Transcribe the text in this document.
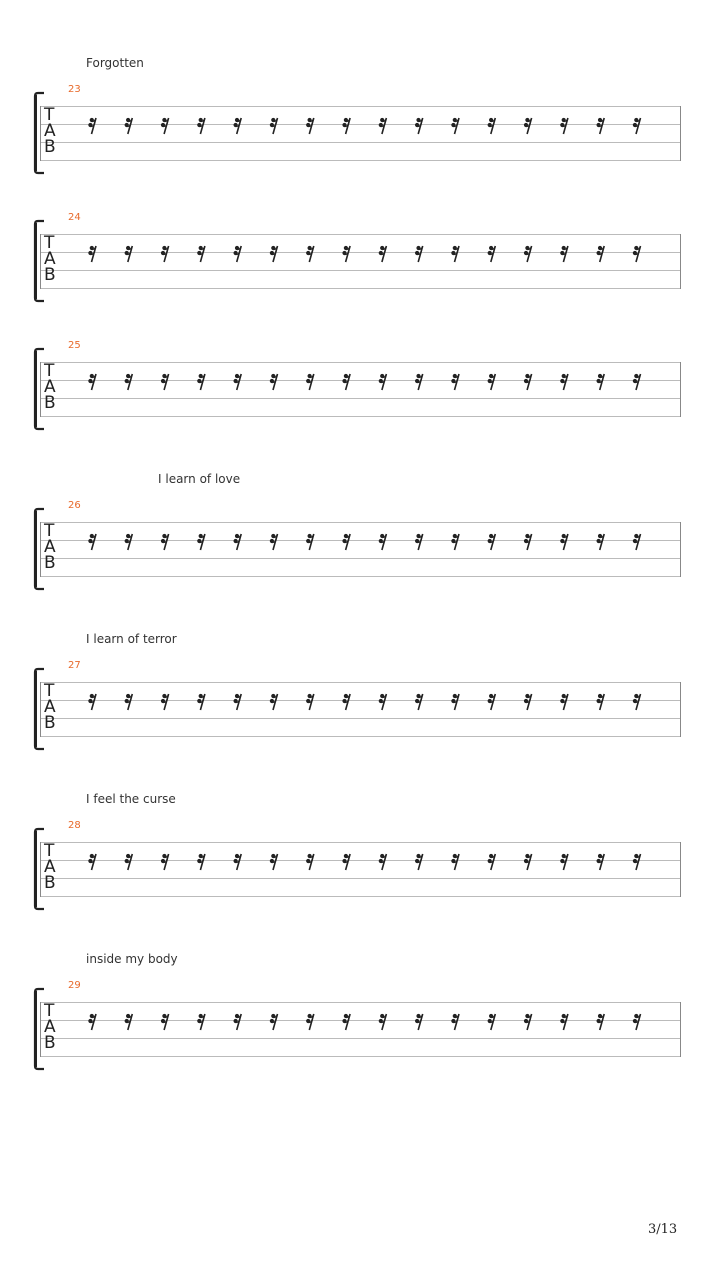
Forgotten
23
T
A
B
24
T
A
B
25
T
A
B
I learn of love
26
T
A
B
I learn of terror
27
T
A
B
I feel the curse
28
T
A
B
inside my body
29
T
A
B
3/13
